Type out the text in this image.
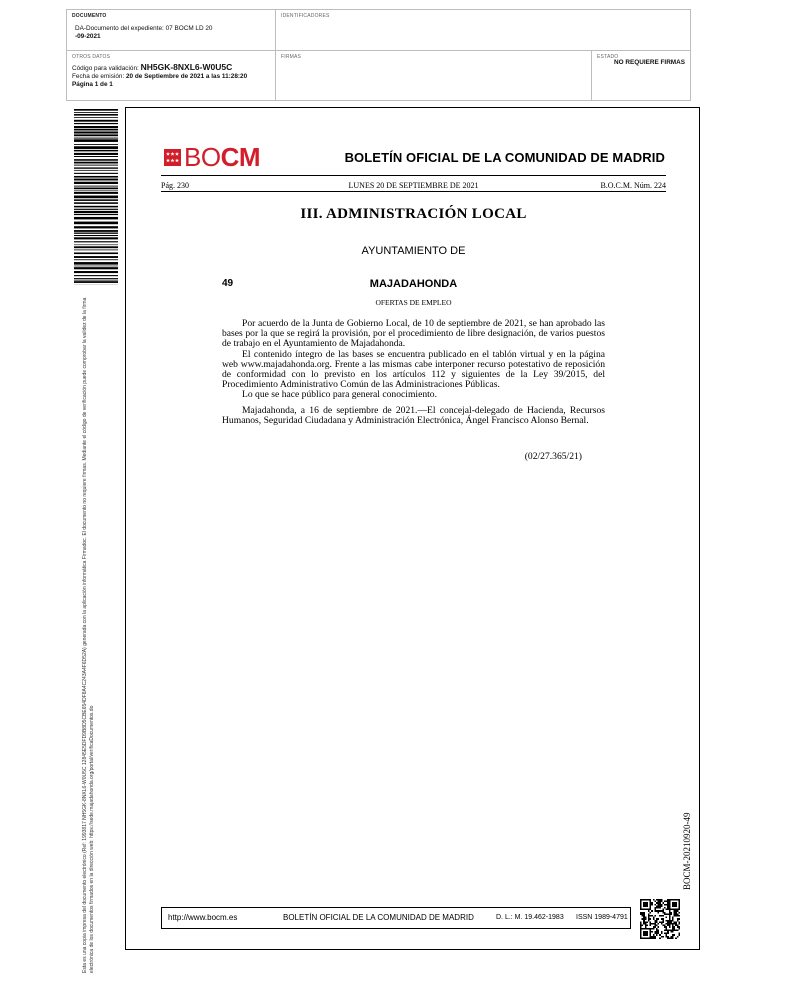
DOCUMENTO
DA-Documento del expediente: 07 BOCM LD 20
-09-2021
IDENTIFICADORES
OTROS DATOS
Código para validación: NH5GK-8NXL6-W0U5C
Fecha de emisión: 20 de Septiembre de 2021 a las 11:28:20
Página 1 de 1
FIRMAS	ESTADO
NO REQUIERE FIRMAS
Esta es una copia impresa del documento electrónico (Ref: 1993817 NH5GK-8NXL6-W0U5C 12845E5DFD9B8D5CBE654DF8A4C243A4F6D52A) generada con la aplicación informática Firmadoc. El documento no requiere firmas. Mediante el código de verificación puede comprobar la validez de la firma electrónica de los documentos firmados en la dirección web: https://sede.majadahonda.org/portal/verificaDocumentos.do
BOCM	BOLETÍN OFICIAL DE LA COMUNIDAD DE MADRID
Pág. 230	LUNES 20 DE SEPTIEMBRE DE 2021	B.O.C.M. Núm. 224
III. ADMINISTRACIÓN LOCAL
AYUNTAMIENTO DE
49	MAJADAHONDA
OFERTAS DE EMPLEO

Por acuerdo de la Junta de Gobierno Local, de 10 de septiembre de 2021, se han aprobado las bases por la que se regirá la provisión, por el procedimiento de libre designación, de varios puestos de trabajo en el Ayuntamiento de Majadahonda.

El contenido íntegro de las bases se encuentra publicado en el tablón virtual y en la página web www.majadahonda.org. Frente a las mismas cabe interponer recurso potestativo de reposición de conformidad con lo previsto en los artículos 112 y siguientes de la Ley 39/2015, del Procedimiento Administrativo Común de las Administraciones Públicas.

Lo que se hace público para general conocimiento.

Majadahonda, a 16 de septiembre de 2021.—El concejal-delegado de Hacienda, Recursos Humanos, Seguridad Ciudadana y Administración Electrónica, Ángel Francisco Alonso Bernal.

(02/27.365/21)
BOCM-20210920-49
http://www.bocm.es	BOLETÍN OFICIAL DE LA COMUNIDAD DE MADRID	D. L.: M. 19.462-1983 ISSN 1989-4791
